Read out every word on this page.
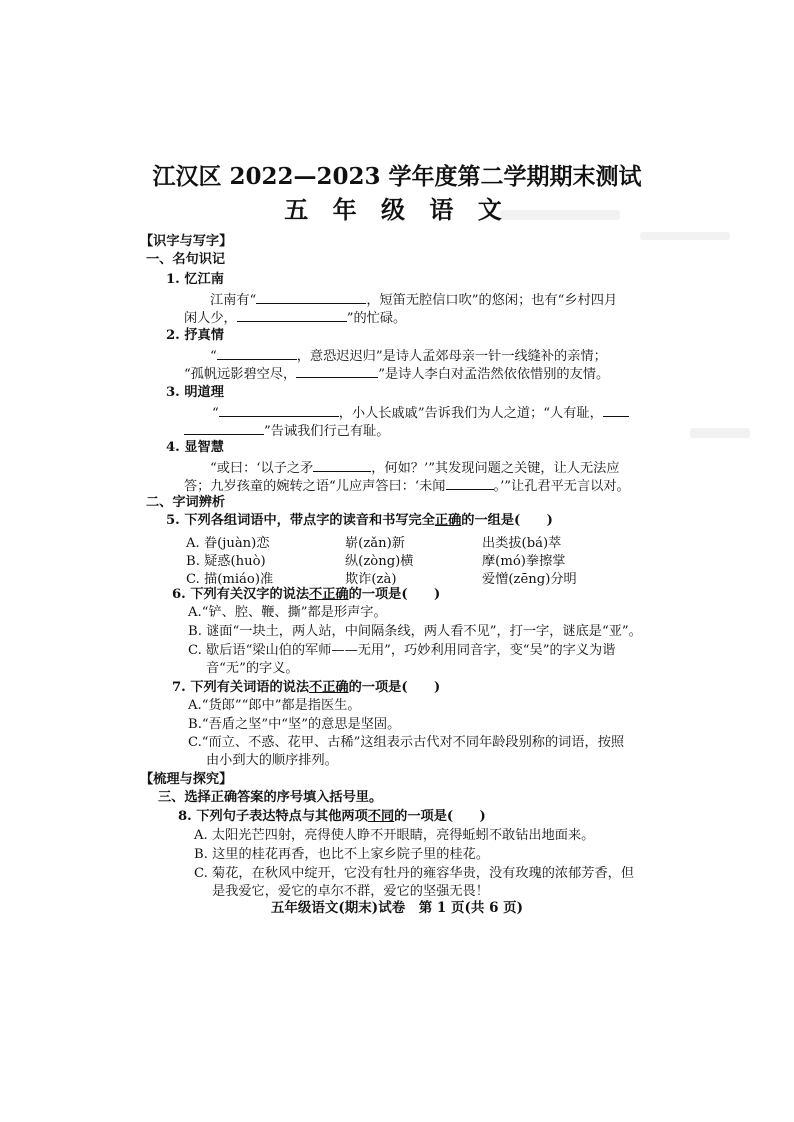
江汉区 2022—2023 学年度第二学期期末测试
五 年 级 语 文
【识字与写字】
一、名句识记
1. 忆江南
江南有“	，短笛无腔信口吹”的悠闲；也有“乡村四月
闲人少，	”的忙碌。
2. 抒真情
“	，意恐迟迟归”是诗人孟郊母亲一针一线缝补的亲情；
“孤帆远影碧空尽，	”是诗人李白对孟浩然依依惜别的友情。
3. 明道理
“	，小人长戚戚”告诉我们为人之道；“人有耻，
”告诫我们行己有耻。
4. 显智慧
“或曰：‘以子之矛	，何如？’”其发现问题之关键，让人无法应
答；九岁孩童的婉转之语“儿应声答曰：‘未闻	。’”让孔君平无言以对。
二、字词辨析
5. 下列各组词语中，带点字的读音和书写完全正确的一组是(　　)
A. 眷(juàn)恋	崭(zǎn)新	出类拔(bá)萃
B. 疑惑(huò)	纵(zòng)横	摩(mó)拳擦掌
C. 描(miáo)准	欺诈(zà)	爱憎(zēng)分明
6. 下列有关汉字的说法不正确的一项是(　　)
A.“铲、腔、鞭、撕”都是形声字。
B. 谜面“一块土，两人站，中间隔条线，两人看不见”，打一字，谜底是“亚”。
C. 歇后语“梁山伯的军师——无用”，巧妙利用同音字，变“吴”的字义为谐
音“无”的字义。
7. 下列有关词语的说法不正确的一项是(　　)
A.“货郎”“郎中”都是指医生。
B.“吾盾之坚”中“坚”的意思是坚固。
C.“而立、不惑、花甲、古稀”这组表示古代对不同年龄段别称的词语，按照
由小到大的顺序排列。
【梳理与探究】
三、选择正确答案的序号填入括号里。
8. 下列句子表达特点与其他两项不同的一项是(　　)
A. 太阳光芒四射，亮得使人睁不开眼睛，亮得蚯蚓不敢钻出地面来。
B. 这里的桂花再香，也比不上家乡院子里的桂花。
C. 菊花，在秋风中绽开，它没有牡丹的雍容华贵，没有玫瑰的浓郁芳香，但
是我爱它，爱它的卓尔不群，爱它的坚强无畏！
五年级语文(期末)试卷　第 1 页(共 6 页)
